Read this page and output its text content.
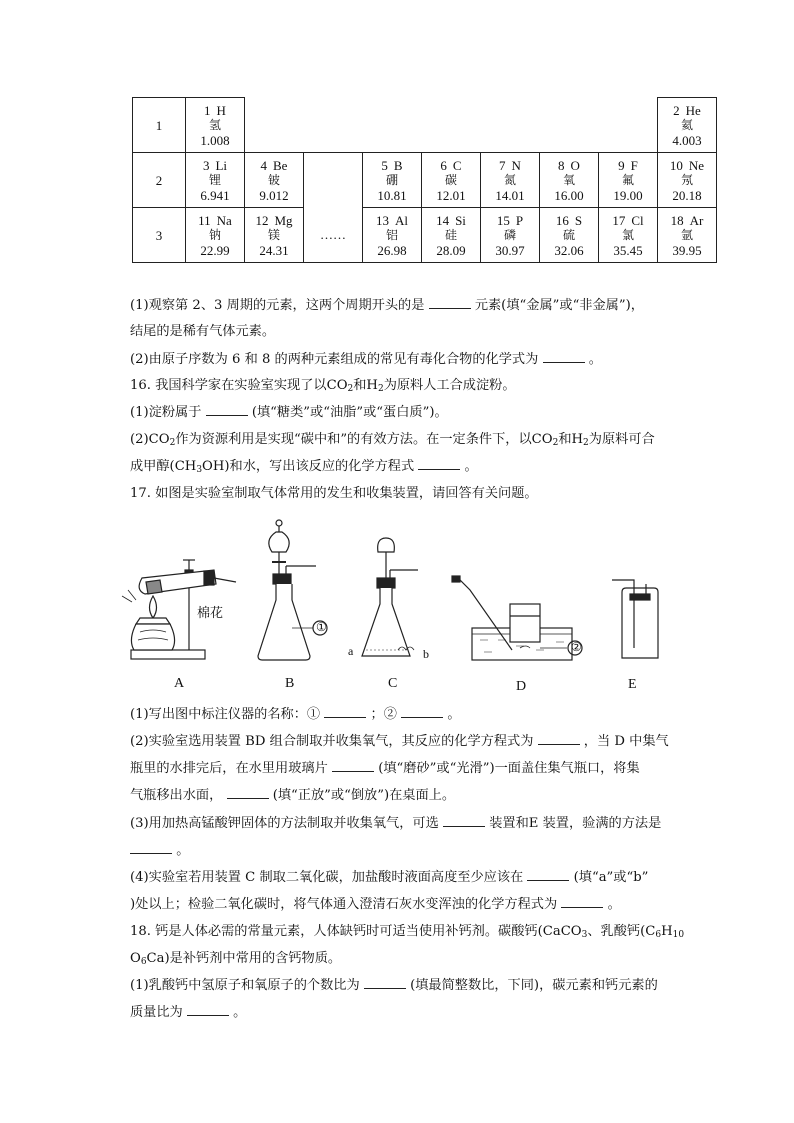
1	1 H
氢
1.008								2 He
氦
4.003

2	3 Li
锂
6.941	4 Be
铍
9.012		5 B
硼
10.81	6 C
碳
12.01	7 N
氮
14.01	8 O
氧
16.00	9 F
氟
19.00	10 Ne
氖
20.18

3	11 Na
钠
22.99	12 Mg
镁
24.31	……	13 Al
铝
26.98	14 Si
硅
28.09	15 P
磷
30.97	16 S
硫
32.06	17 Cl
氯
35.45	18 Ar
氩
39.95
(1)观察第 2、3 周期的元素，这两个周期开头的是	元素(填“金属”或“非金属”)，
结尾的是稀有气体元素。
(2)由原子序数为 6 和 8 的两种元素组成的常见有毒化合物的化学式为	。
16. 我国科学家在实验室实现了以$CO_2$和$H_2$为原料人工合成淀粉。
(1)淀粉属于	(填“糖类”或“油脂”或“蛋白质”)。
$(2)CO_2$作为资源利用是实现“碳中和”的有效方法。在一定条件下，以$CO_2$和$H_2$为原料可合
成甲醇$(CH_3OH)$和水，写出该反应的化学方程式	。
17. 如图是实验室制取气体常用的发生和收集装置，请回答有关问题。
棉花
①
②
a	b
A	B	C	D	E
(1)写出图中标注仪器的名称：①	；②	。
(2)实验室选用装置 BD 组合制取并收集氧气，其反应的化学方程式为	，当 D 中集气
瓶里的水排完后，在水里用玻璃片	(填“磨砂”或“光滑”)一面盖住集气瓶口，将集
气瓶移出水面，	(填“正放”或“倒放”)在桌面上。
(3)用加热高锰酸钾固体的方法制取并收集氧气，可选	装置和E 装置，验满的方法是
。
(4)实验室若用装置 C 制取二氧化碳，加盐酸时液面高度至少应该在	(填“a”或“b”
)处以上；检验二氧化碳时，将气体通入澄清石灰水变浑浊的化学方程式为	。
18. 钙是人体必需的常量元素，人体缺钙时可适当使用补钙剂。碳酸钙(CaCO$_3$、乳酸钙($C_6H_{10}$
$O_6Ca$)是补钙剂中常用的含钙物质。
(1)乳酸钙中氢原子和氧原子的个数比为	(填最简整数比，下同)，碳元素和钙元素的
质量比为	。
